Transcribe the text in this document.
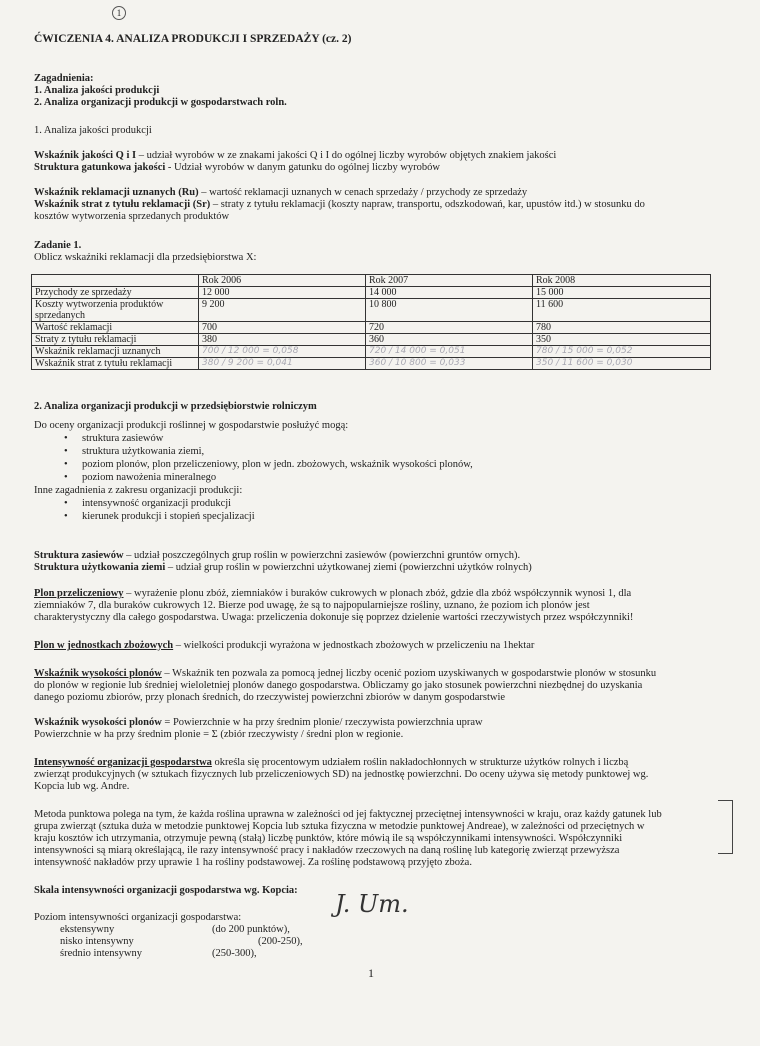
1
ĆWICZENIA 4. ANALIZA PRODUKCJI I SPRZEDAŻY (cz. 2)
Zagadnienia:
1. Analiza jakości produkcji
2. Analiza organizacji produkcji w gospodarstwach roln.
1. Analiza jakości produkcji
Wskaźnik jakości Q i I – udział wyrobów w ze znakami jakości Q i I do ogólnej liczby wyrobów objętych znakiem jakości
Struktura gatunkowa jakości - Udział wyrobów w danym gatunku do ogólnej liczby wyrobów
Wskaźnik reklamacji uznanych (Ru) – wartość reklamacji uznanych w cenach sprzedaży / przychody ze sprzedaży
Wskaźnik strat z tytułu reklamacji (Sr) – straty z tytułu reklamacji (koszty napraw, transportu, odszkodowań, kar, upustów itd.) w stosunku do
kosztów wytworzenia sprzedanych produktów
Zadanie 1.
Oblicz wskaźniki reklamacji dla przedsiębiorstwa X:
	Rok 2006	Rok 2007	Rok 2008
Przychody ze sprzedaży	12 000	14 000	15 000
Koszty wytworzenia produktów sprzedanych	9 200	10 800	11 600
Wartość reklamacji	700	720	780
Straty z tytułu reklamacji	380	360	350
Wskaźnik reklamacji uznanych	700 / 12 000 = 0,058	720 / 14 000 = 0,051	780 / 15 000 = 0,052
Wskaźnik strat z tytułu reklamacji	380 / 9 200 = 0,041	360 / 10 800 = 0,033	350 / 11 600 = 0,030
2. Analiza organizacji produkcji w przedsiębiorstwie rolniczym
Do oceny organizacji produkcji roślinnej w gospodarstwie posłużyć mogą:
• struktura zasiewów
• struktura użytkowania ziemi,
• poziom plonów, plon przeliczeniowy, plon w jedn. zbożowych, wskaźnik wysokości plonów,
• poziom nawożenia mineralnego
Inne zagadnienia z zakresu organizacji produkcji:
• intensywność organizacji produkcji
• kierunek produkcji i stopień specjalizacji
Struktura zasiewów – udział poszczególnych grup roślin w powierzchni zasiewów (powierzchni gruntów ornych).
Struktura użytkowania ziemi – udział grup roślin w powierzchni użytkowanej ziemi (powierzchni użytków rolnych)
Plon przeliczeniowy – wyrażenie plonu zbóż, ziemniaków i buraków cukrowych w plonach zbóż, gdzie dla zbóż współczynnik wynosi 1, dla
ziemniaków 7, dla buraków cukrowych 12. Bierze pod uwagę, że są to najpopularniejsze rośliny, uznano, że poziom ich plonów jest
charakterystyczny dla całego gospodarstwa. Uwaga: przeliczenia dokonuje się poprzez dzielenie wartości rzeczywistych przez współczynniki!
Plon w jednostkach zbożowych – wielkości produkcji wyrażona w jednostkach zbożowych w przeliczeniu na 1hektar
Wskaźnik wysokości plonów – Wskaźnik ten pozwala za pomocą jednej liczby ocenić poziom uzyskiwanych w gospodarstwie plonów w stosunku
do plonów w regionie lub średniej wieloletniej plonów danego gospodarstwa. Obliczamy go jako stosunek powierzchni niezbędnej do uzyskania
danego poziomu zbiorów, przy plonach średnich, do rzeczywistej powierzchni zbiorów w danym gospodarstwie
Wskaźnik wysokości plonów = Powierzchnie w ha przy średnim plonie/ rzeczywista powierzchnia upraw
Powierzchnie w ha przy średnim plonie = Σ (zbiór rzeczywisty / średni plon w regionie.
Intensywność organizacji gospodarstwa określa się procentowym udziałem roślin nakładochłonnych w strukturze użytków rolnych i liczbą
zwierząt produkcyjnych (w sztukach fizycznych lub przeliczeniowych SD) na jednostkę powierzchni. Do oceny używa się metody punktowej wg.
Kopcia lub wg. Andre.
Metoda punktowa polega na tym, że każda roślina uprawna w zależności od jej faktycznej przeciętnej intensywności w kraju, oraz każdy gatunek lub
grupa zwierząt (sztuka duża w metodzie punktowej Kopcia lub sztuka fizyczna w metodzie punktowej Andreae), w zależności od przeciętnych w
kraju kosztów ich utrzymania, otrzymuje pewną (stałą) liczbę punktów, które mówią ile są współczynnikami intensywności. Współczynniki
intensywności są miarą określającą, ile razy intensywność pracy i nakładów rzeczowych na daną roślinę lub kategorię zwierząt przewyższa
intensywność nakładów przy uprawie 1 ha rośliny podstawowej. Za roślinę podstawową przyjęto zboża.
Skala intensywności organizacji gospodarstwa wg. Kopcia:
Poziom intensywności organizacji gospodarstwa:
ekstensywny	(do 200 punktów),
nisko intensywny	(200-250),
średnio intensywny	(250-300),
J. Um.
1
